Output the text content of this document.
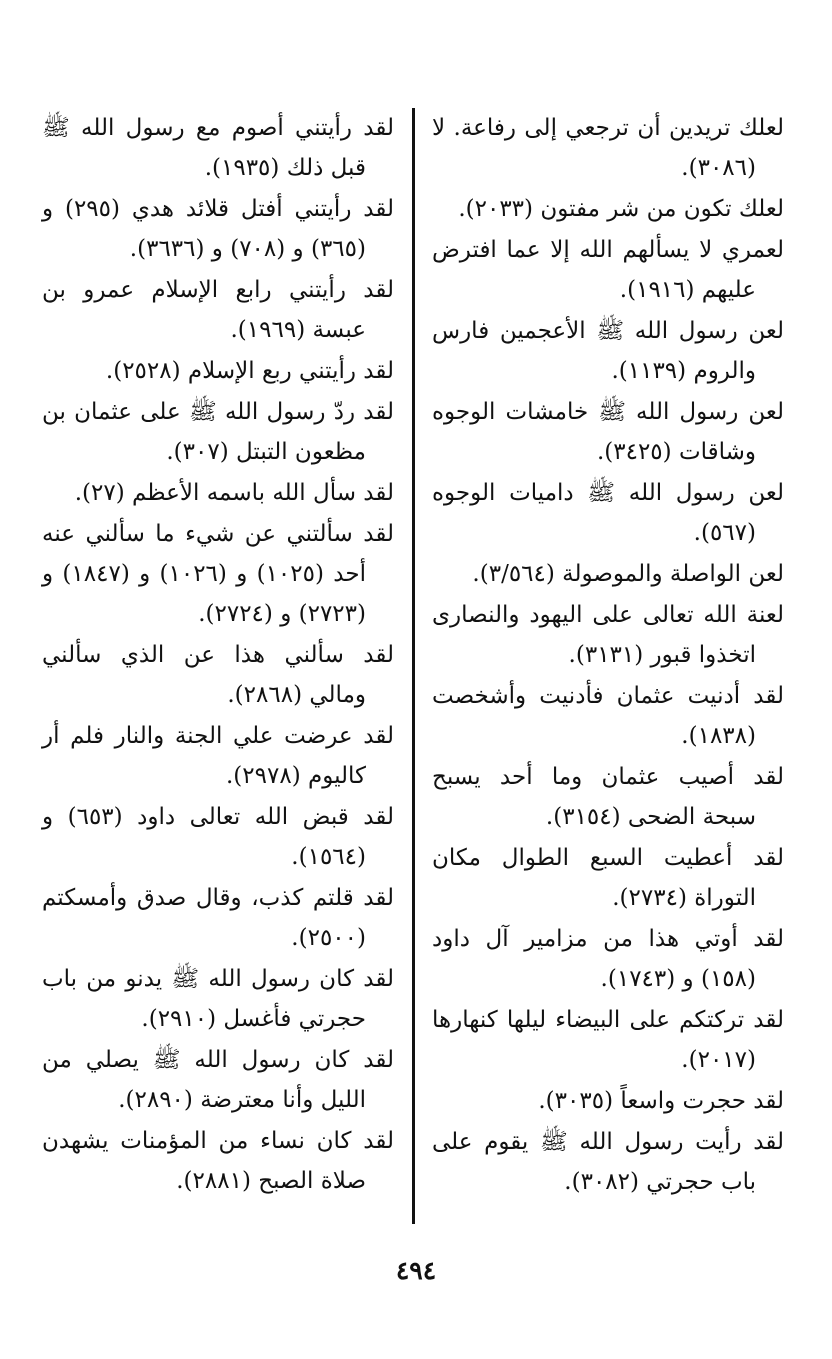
لعلك تريدين أن ترجعي إلى رفاعة. لا (٣٠٨٦).

لعلك تكون من شر مفتون (٢٠٣٣).

لعمري لا يسألهم الله إلا عما افترض عليهم (١٩١٦).

لعن رسول الله ﷺ الأعجمين فارس والروم (١١٣٩).

لعن رسول الله ﷺ خامشات الوجوه وشاقات (٣٤٢٥).

لعن رسول الله ﷺ داميات الوجوه (٥٦٧).

لعن الواصلة والموصولة (٣/٥٦٤).

لعنة الله تعالى على اليهود والنصارى اتخذوا قبور (٣١٣١).

لقد أدنيت عثمان فأدنيت وأشخصت (١٨٣٨).

لقد أصيب عثمان وما أحد يسبح سبحة الضحى (٣١٥٤).

لقد أعطيت السبع الطوال مكان التوراة (٢٧٣٤).

لقد أوتي هذا من مزامير آل داود (١٥٨) و (١٧٤٣).

لقد تركتكم على البيضاء ليلها كنهارها (٢٠١٧).

لقد حجرت واسعاً (٣٠٣٥).

لقد رأيت رسول الله ﷺ يقوم على باب حجرتي (٣٠٨٢).

لقد رأيتني أصوم مع رسول الله ﷺ قبل ذلك (١٩٣٥).

لقد رأيتني أفتل قلائد هدي (٢٩٥) و (٣٦٥) و (٧٠٨) و (٣٦٣٦).

لقد رأيتني رابع الإسلام عمرو بن عبسة (١٩٦٩).

لقد رأيتني ربع الإسلام (٢٥٢٨).

لقد ردّ رسول الله ﷺ على عثمان بن مظعون التبتل (٣٠٧).

لقد سأل الله باسمه الأعظم (٢٧).

لقد سألتني عن شيء ما سألني عنه أحد (١٠٢٥) و (١٠٢٦) و (١٨٤٧) و (٢٧٢٣) و (٢٧٢٤).

لقد سألني هذا عن الذي سألني ومالي (٢٨٦٨).

لقد عرضت علي الجنة والنار فلم أر كاليوم (٢٩٧٨).

لقد قبض الله تعالى داود (٦٥٣) و (١٥٦٤).

لقد قلتم كذب، وقال صدق وأمسكتم (٢٥٠٠).

لقد كان رسول الله ﷺ يدنو من باب حجرتي فأغسل (٢٩١٠).

لقد كان رسول الله ﷺ يصلي من الليل وأنا معترضة (٢٨٩٠).

لقد كان نساء من المؤمنات يشهدن صلاة الصبح (٢٨٨١).

٤٩٤
